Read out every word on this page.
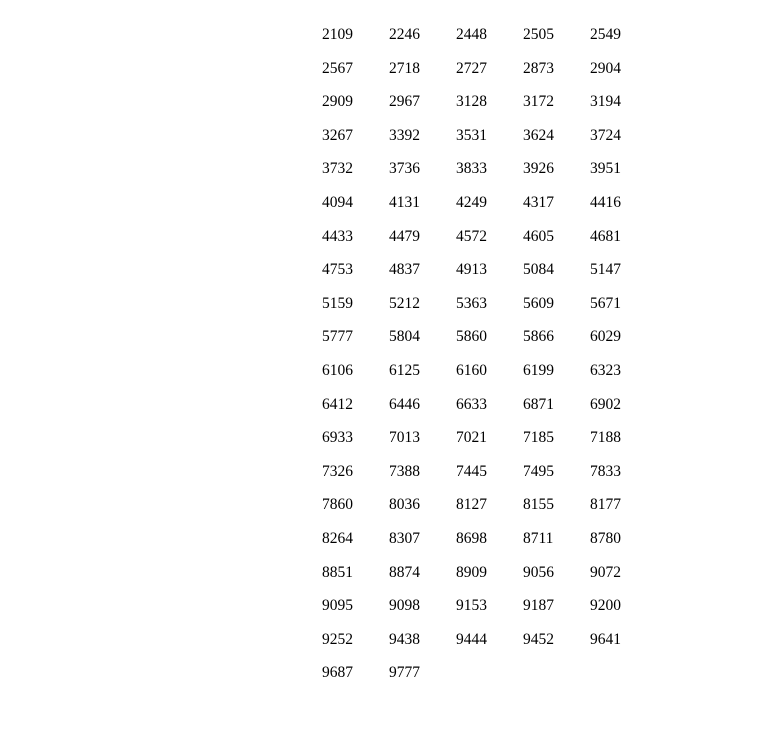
2109	2246	2448	2505	2549
2567	2718	2727	2873	2904
2909	2967	3128	3172	3194
3267	3392	3531	3624	3724
3732	3736	3833	3926	3951
4094	4131	4249	4317	4416
4433	4479	4572	4605	4681
4753	4837	4913	5084	5147
5159	5212	5363	5609	5671
5777	5804	5860	5866	6029
6106	6125	6160	6199	6323
6412	6446	6633	6871	6902
6933	7013	7021	7185	7188
7326	7388	7445	7495	7833
7860	8036	8127	8155	8177
8264	8307	8698	8711	8780
8851	8874	8909	9056	9072
9095	9098	9153	9187	9200
9252	9438	9444	9452	9641
9687	9777			
